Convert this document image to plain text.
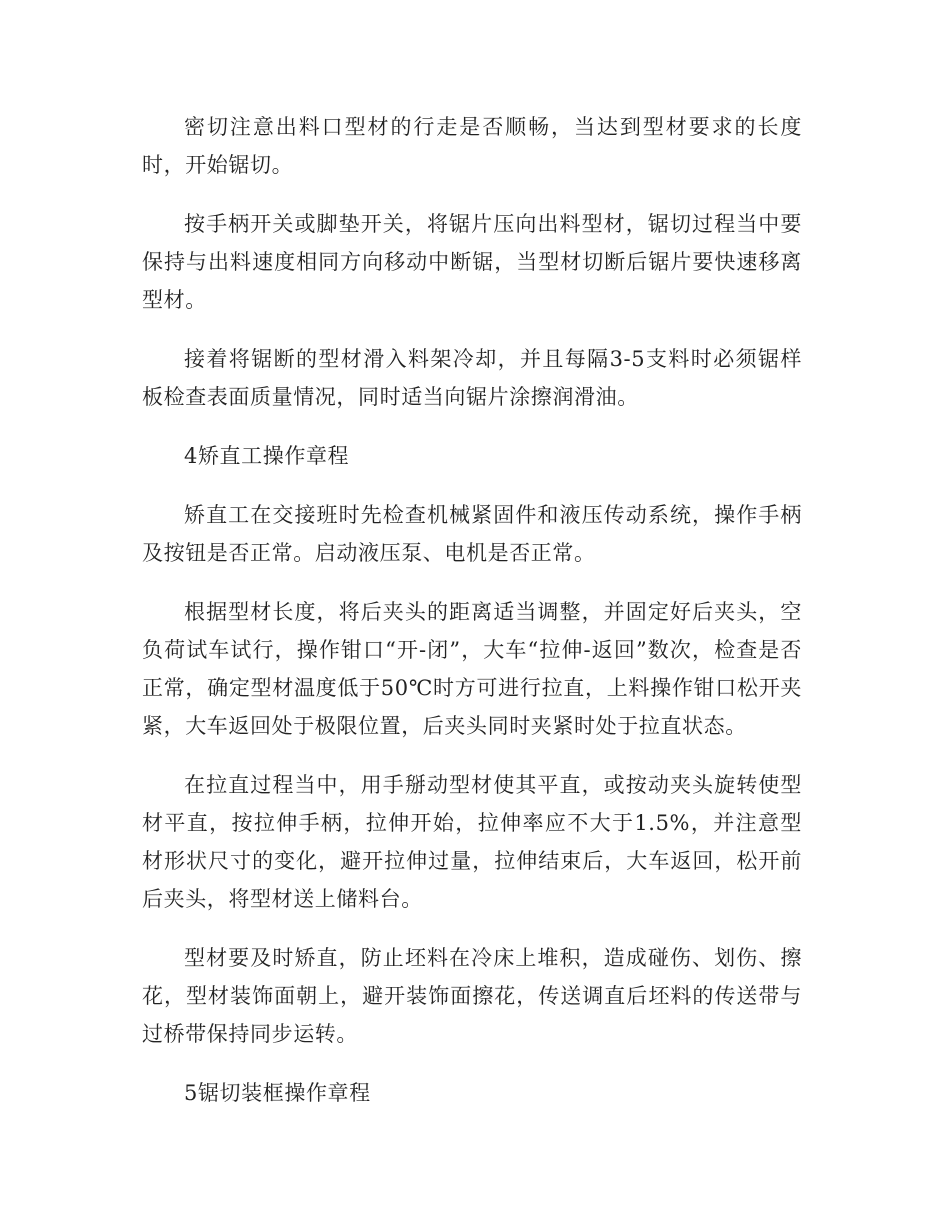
密切注意出料口型材的行走是否顺畅，当达到型材要求的长度时，开始锯切。

按手柄开关或脚垫开关，将锯片压向出料型材，锯切过程当中要保持与出料速度相同方向移动中断锯，当型材切断后锯片要快速移离型材。

接着将锯断的型材滑入料架冷却，并且每隔3-5支料时必须锯样板检查表面质量情况，同时适当向锯片涂擦润滑油。

4矫直工操作章程

矫直工在交接班时先检查机械紧固件和液压传动系统，操作手柄及按钮是否正常。启动液压泵、电机是否正常。

根据型材长度，将后夹头的距离适当调整，并固定好后夹头，空负荷试车试行，操作钳口“开-闭”，大车“拉伸-返回”数次，检查是否正常，确定型材温度低于50℃时方可进行拉直，上料操作钳口松开夹紧，大车返回处于极限位置，后夹头同时夹紧时处于拉直状态。

在拉直过程当中，用手掰动型材使其平直，或按动夹头旋转使型材平直，按拉伸手柄，拉伸开始，拉伸率应不大于1.5%，并注意型材形状尺寸的变化，避开拉伸过量，拉伸结束后，大车返回，松开前后夹头，将型材送上储料台。

型材要及时矫直，防止坯料在冷床上堆积，造成碰伤、划伤、擦花，型材装饰面朝上，避开装饰面擦花，传送调直后坯料的传送带与过桥带保持同步运转。

5锯切装框操作章程
